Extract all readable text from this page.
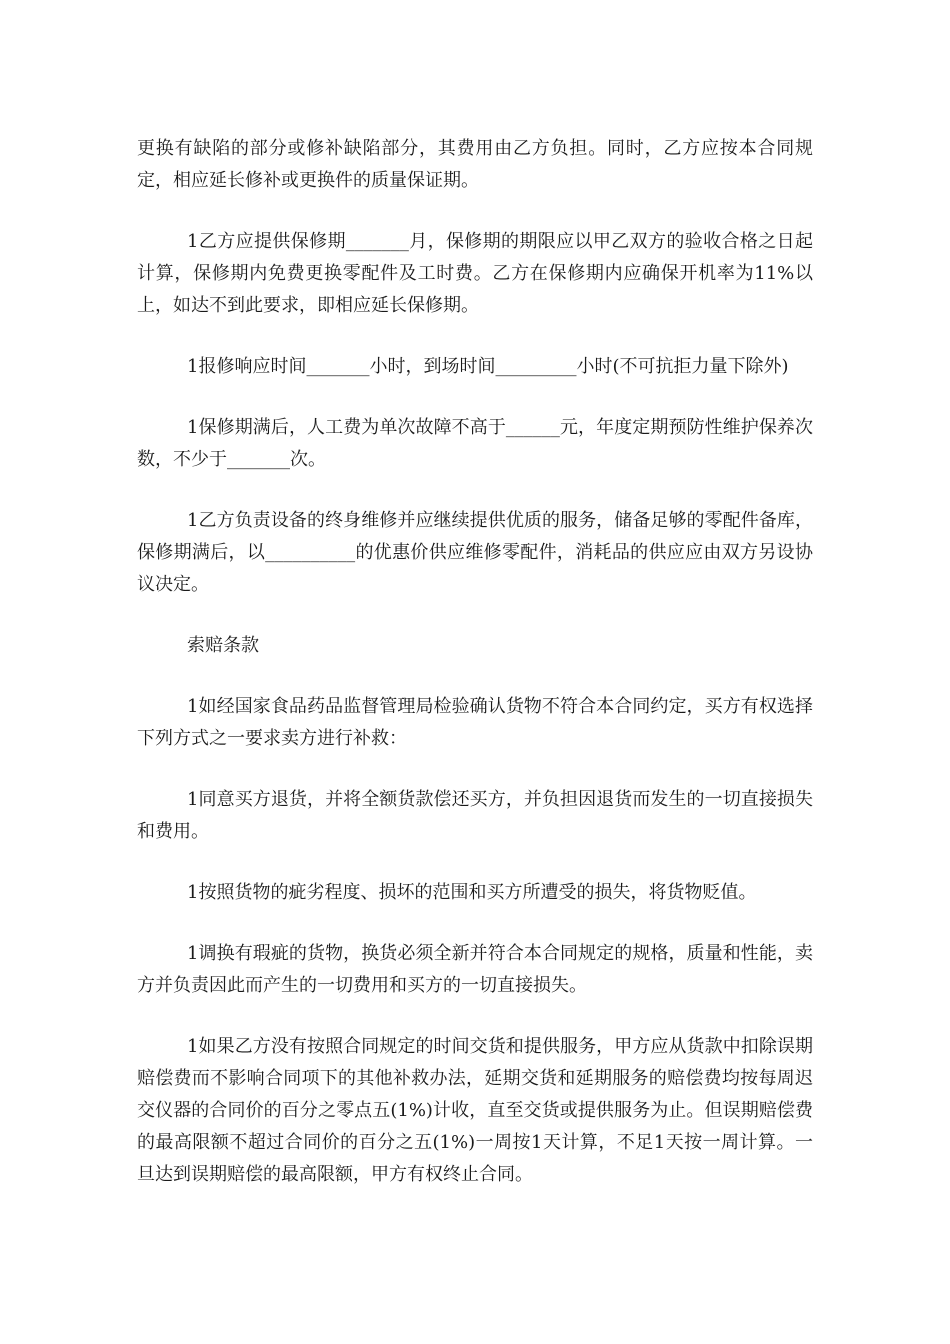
更换有缺陷的部分或修补缺陷部分，其费用由乙方负担。同时，乙方应按本合同规定，相应延长修补或更换件的质量保证期。

1乙方应提供保修期_______月，保修期的期限应以甲乙双方的验收合格之日起计算，保修期内免费更换零配件及工时费。乙方在保修期内应确保开机率为11%以上，如达不到此要求，即相应延长保修期。

1报修响应时间_______小时，到场时间_________小时(不可抗拒力量下除外)

1保修期满后，人工费为单次故障不高于______元，年度定期预防性维护保养次数，不少于_______次。

1乙方负责设备的终身维修并应继续提供优质的服务，储备足够的零配件备库，保修期满后，以__________的优惠价供应维修零配件，消耗品的供应应由双方另设协议决定。

索赔条款

1如经国家食品药品监督管理局检验确认货物不符合本合同约定，买方有权选择下列方式之一要求卖方进行补救：

1同意买方退货，并将全额货款偿还买方，并负担因退货而发生的一切直接损失和费用。

1按照货物的疵劣程度、损坏的范围和买方所遭受的损失，将货物贬值。

1调换有瑕疵的货物，换货必须全新并符合本合同规定的规格，质量和性能，卖方并负责因此而产生的一切费用和买方的一切直接损失。

1如果乙方没有按照合同规定的时间交货和提供服务，甲方应从货款中扣除误期赔偿费而不影响合同项下的其他补救办法，延期交货和延期服务的赔偿费均按每周迟交仪器的合同价的百分之零点五(1%)计收，直至交货或提供服务为止。但误期赔偿费的最高限额不超过合同价的百分之五(1%)一周按1天计算，不足1天按一周计算。一旦达到误期赔偿的最高限额，甲方有权终止合同。
